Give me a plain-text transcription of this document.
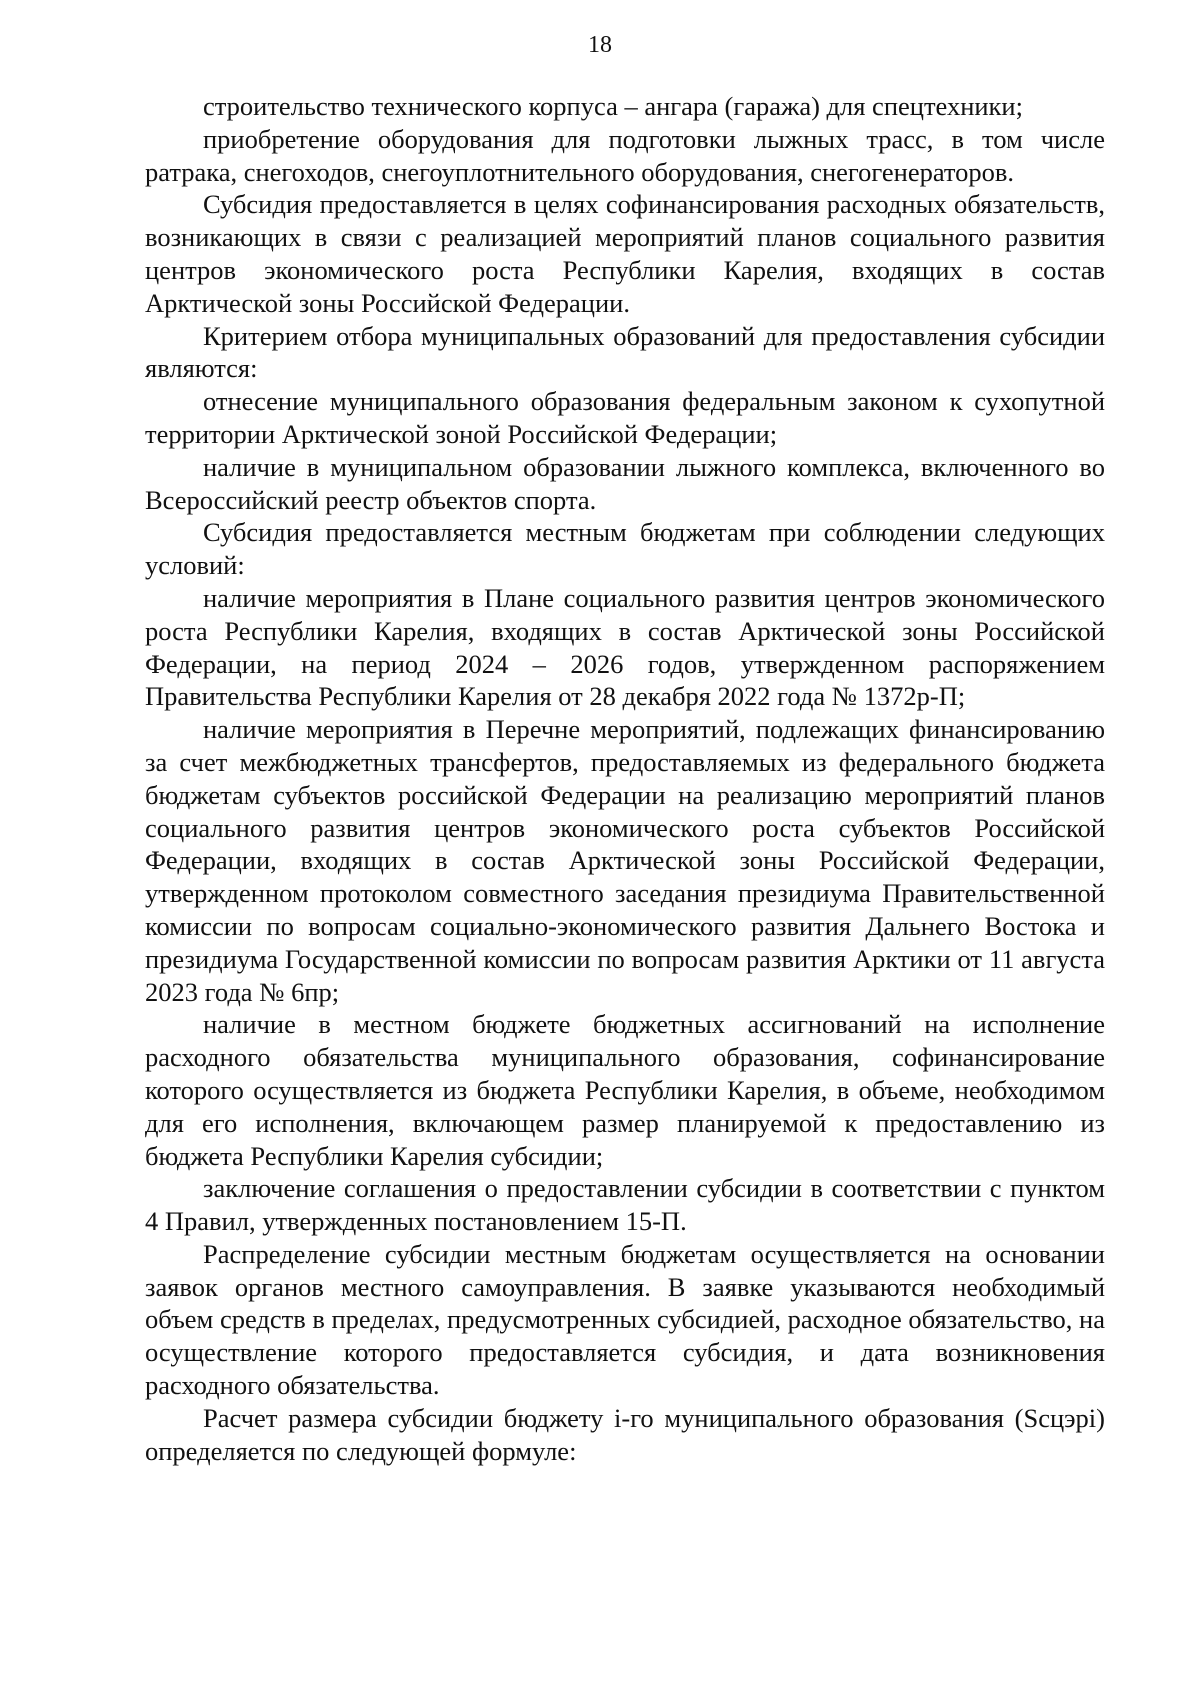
18

строительство технического корпуса – ангара (гаража) для спецтехники;

приобретение оборудования для подготовки лыжных трасс, в том числе ратрака, снегоходов, снегоуплотнительного оборудования, снегогенераторов.

Субсидия предоставляется в целях софинансирования расходных обязательств, возникающих в связи с реализацией мероприятий планов социального развития центров экономического роста Республики Карелия, входящих в состав Арктической зоны Российской Федерации.

Критерием отбора муниципальных образований для предоставления субсидии являются:

отнесение муниципального образования федеральным законом к сухопутной территории Арктической зоной Российской Федерации;

наличие в муниципальном образовании лыжного комплекса, включенного во Всероссийский реестр объектов спорта.

Субсидия предоставляется местным бюджетам при соблюдении следующих условий:

наличие мероприятия в Плане социального развития центров экономического роста Республики Карелия, входящих в состав Арктической зоны Российской Федерации, на период 2024 – 2026 годов, утвержденном распоряжением Правительства Республики Карелия от 28 декабря 2022 года № 1372р-П;

наличие мероприятия в Перечне мероприятий, подлежащих финансированию за счет межбюджетных трансфертов, предоставляемых из федерального бюджета бюджетам субъектов российской Федерации на реализацию мероприятий планов социального развития центров экономического роста субъектов Российской Федерации, входящих в состав Арктической зоны Российской Федерации, утвержденном протоколом совместного заседания президиума Правительственной комиссии по вопросам социально-экономического развития Дальнего Востока и президиума Государственной комиссии по вопросам развития Арктики от 11 августа 2023 года № 6пр;

наличие в местном бюджете бюджетных ассигнований на исполнение расходного обязательства муниципального образования, софинансирование которого осуществляется из бюджета Республики Карелия, в объеме, необходимом для его исполнения, включающем размер планируемой к предоставлению из бюджета Республики Карелия субсидии;

заключение соглашения о предоставлении субсидии в соответствии с пунктом 4 Правил, утвержденных постановлением 15-П.

Распределение субсидии местным бюджетам осуществляется на основании заявок органов местного самоуправления. В заявке указываются необходимый объем средств в пределах, предусмотренных субсидией, расходное обязательство, на осуществление которого предоставляется субсидия, и дата возникновения расходного обязательства.

Расчет размера субсидии бюджету i-го муниципального образования (Scцэрi) определяется по следующей формуле:
